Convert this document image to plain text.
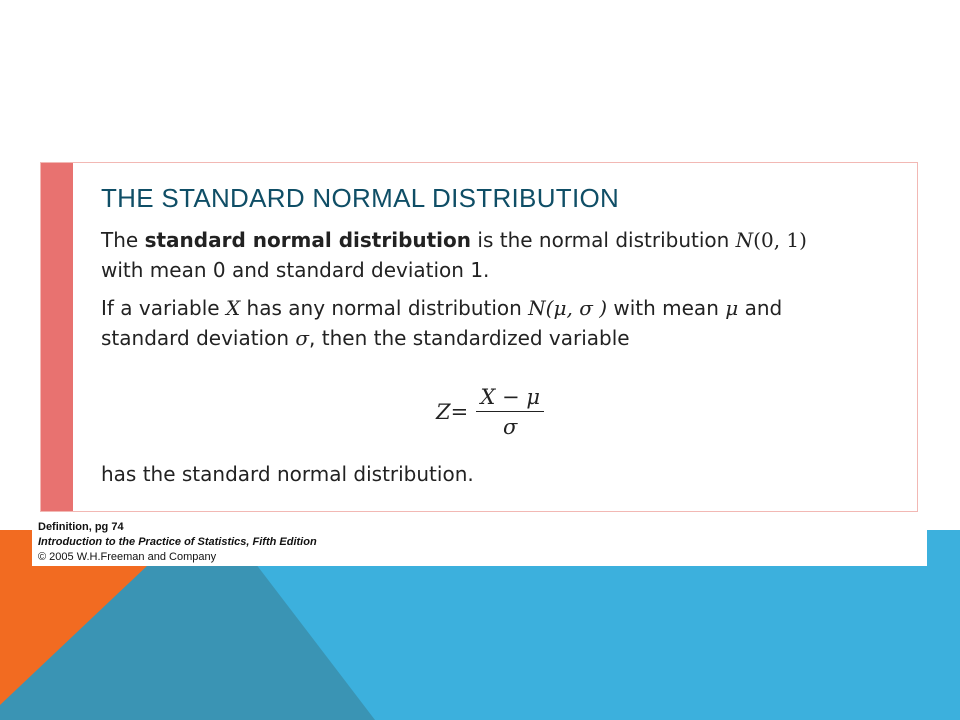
THE STANDARD NORMAL DISTRIBUTION

The standard normal distribution is the normal distribution N(0, 1)
with mean 0 and standard deviation 1.

If a variable X has any normal distribution N(μ, σ ) with mean μ and
standard deviation σ, then the standardized variable

$Z = \frac{X - \mu}{\sigma}$

has the standard normal distribution.

Definition, pg 74
Introduction to the Practice of Statistics, Fifth Edition
© 2005 W.H.Freeman and Company
